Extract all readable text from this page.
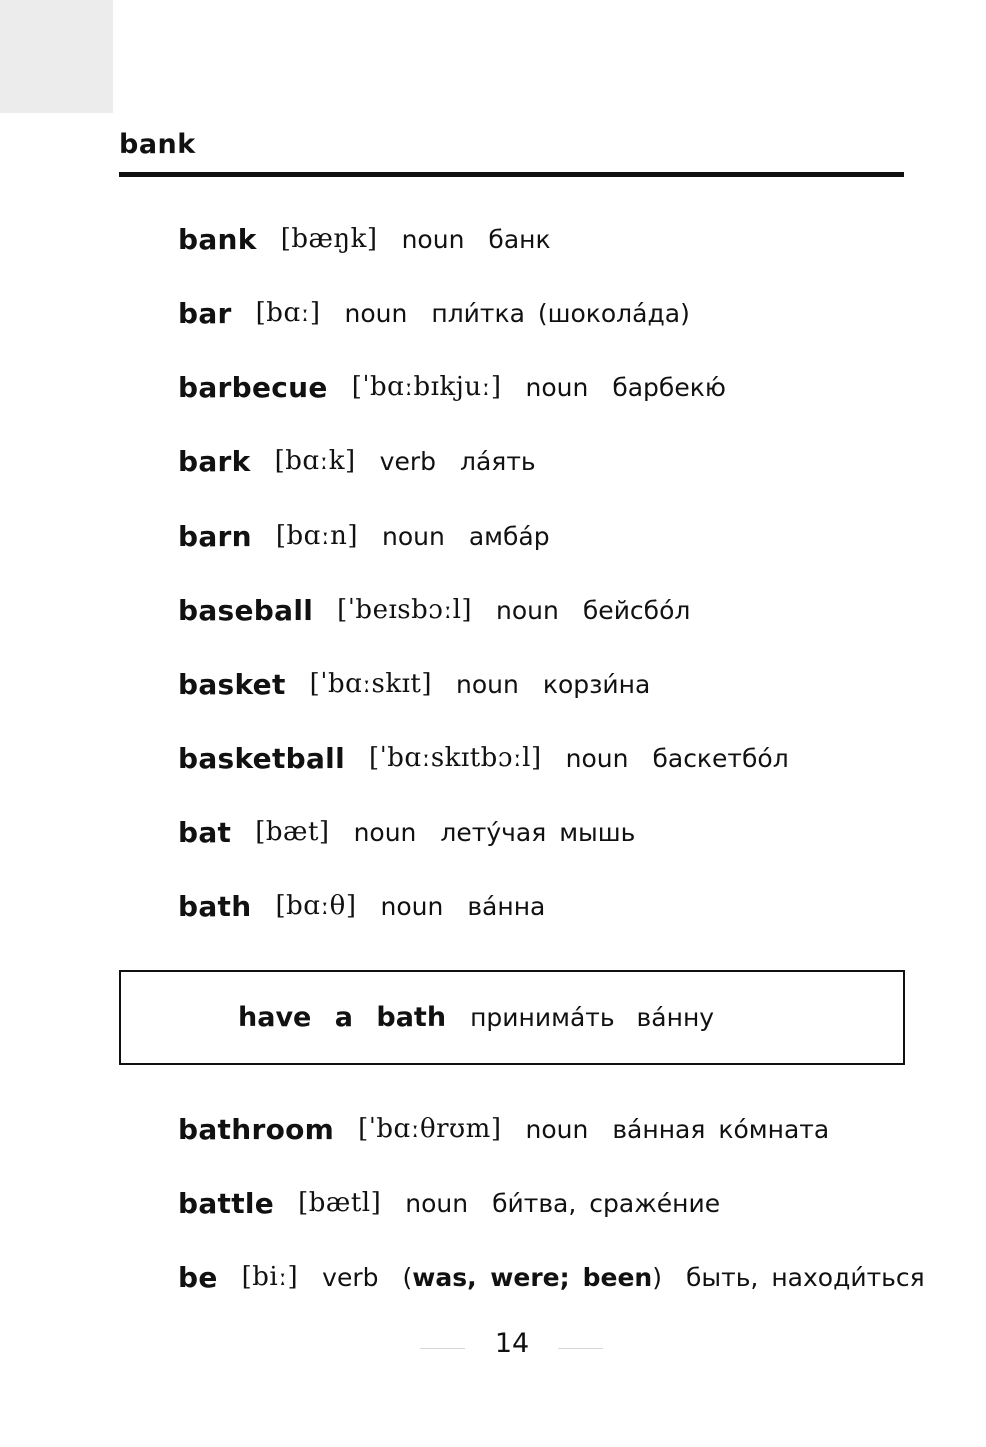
bank
bank [bæŋk] noun банк
bar [bɑː] noun пли́тка (шокола́да)
barbecue [ˈbɑːbɪkjuː] noun барбекю́
bark [bɑːk] verb ла́ять
barn [bɑːn] noun амба́р
baseball [ˈbeɪsbɔːl] noun бейсбо́л
basket [ˈbɑːskɪt] noun корзи́на
basketball [ˈbɑːskɪtbɔːl] noun баскетбо́л
bat [bæt] noun лету́чая мышь
bath [bɑːθ] noun ва́нна
have a bath принима́ть ва́нну
bathroom [ˈbɑːθrʊm] noun ва́нная ко́мната
battle [bætl] noun би́тва, сраже́ние
be [biː] verb (was, were; been) быть, находи́ться
14
